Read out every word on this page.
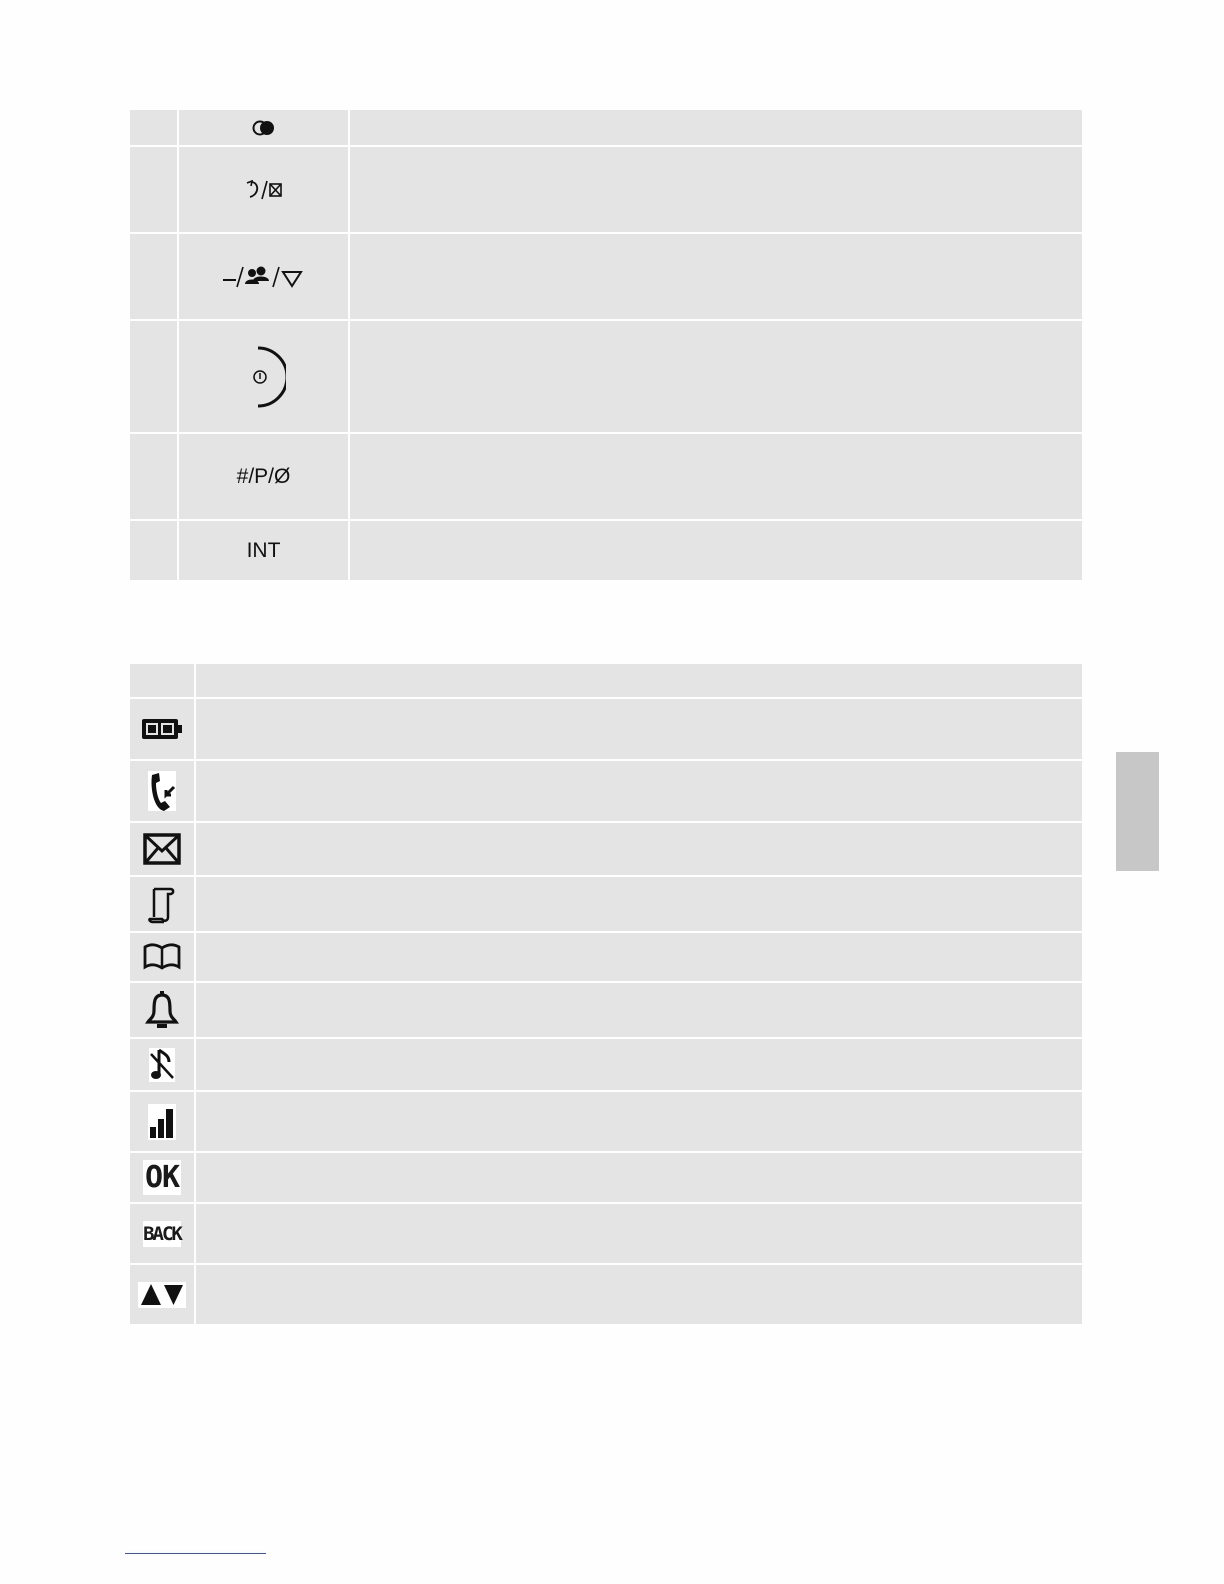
#/P/Ø
INT
OK
BACK
